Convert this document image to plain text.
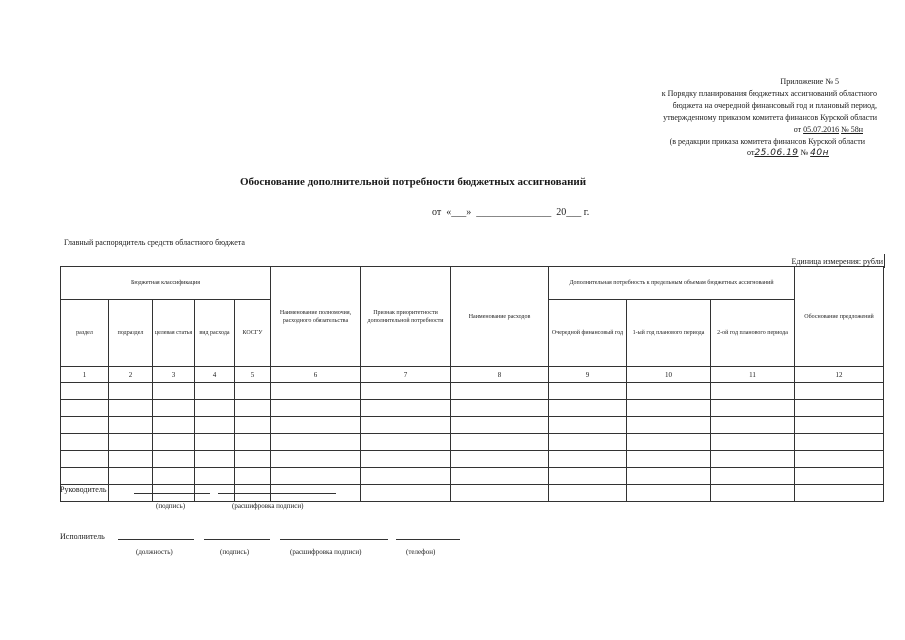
Приложение № 5
к Порядку планирования бюджетных ассигнований областного
бюджета на очередной финансовый год и плановый период,
утвержденному приказом комитета финансов Курской области
от 05.07.2016 № 58н
(в редакции приказа комитета финансов Курской области
от25.06.19 № 40н
Обоснование дополнительной потребности бюджетных ассигнований
от  «___»  _______________  20___ г.
Главный распорядитель средств областного бюджета
Единица измерения: рубли
Бюджетная классификация					Наименование полномочия, расходного обязательства	Признак приоритетности дополнительной потребности	Наименование расходов	Дополнительная потребность к предельным объемам бюджетных ассигнований			Обоснование предложений
раздел	подраздел	целевая статья	вид расхода	КОСГУ				Очередной финансовый год	1-ый год планового периода	2-ой год планового периода	
1	2	3	4	5	6	7	8	9	10	11	12

Руководитель
(подпись)	(расшифровка подписи)
Исполнитель
(должность)	(подпись)	(расшифровка подписи)	(телефон)
